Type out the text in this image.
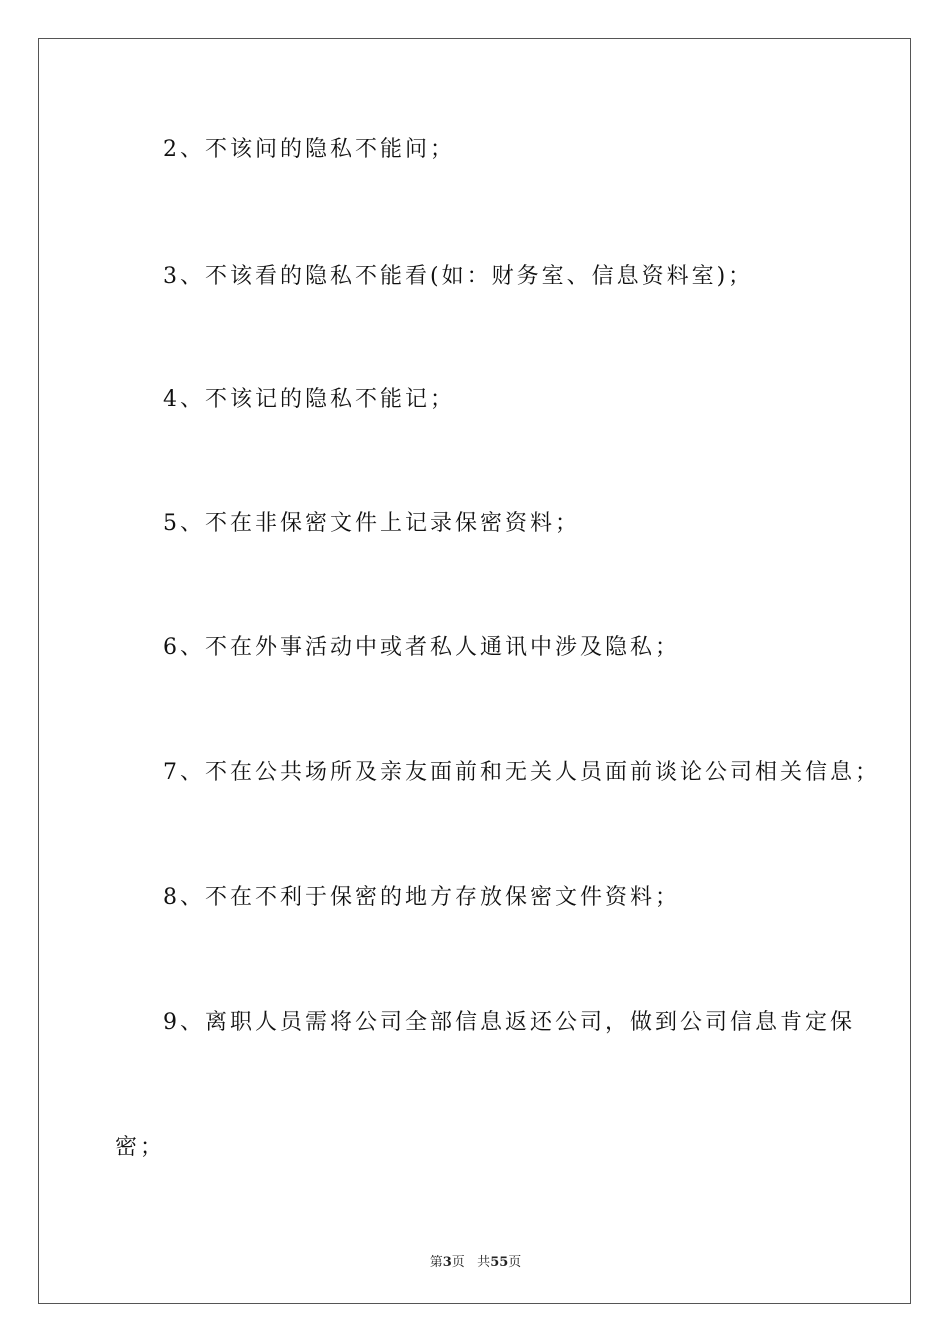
2、不该问的隐私不能问；
3、不该看的隐私不能看(如：财务室、信息资料室)；
4、不该记的隐私不能记；
5、不在非保密文件上记录保密资料；
6、不在外事活动中或者私人通讯中涉及隐私；
7、不在公共场所及亲友面前和无关人员面前谈论公司相关信息；
8、不在不利于保密的地方存放保密文件资料；
9、离职人员需将公司全部信息返还公司，做到公司信息肯定保
密；
第3页 共55页
